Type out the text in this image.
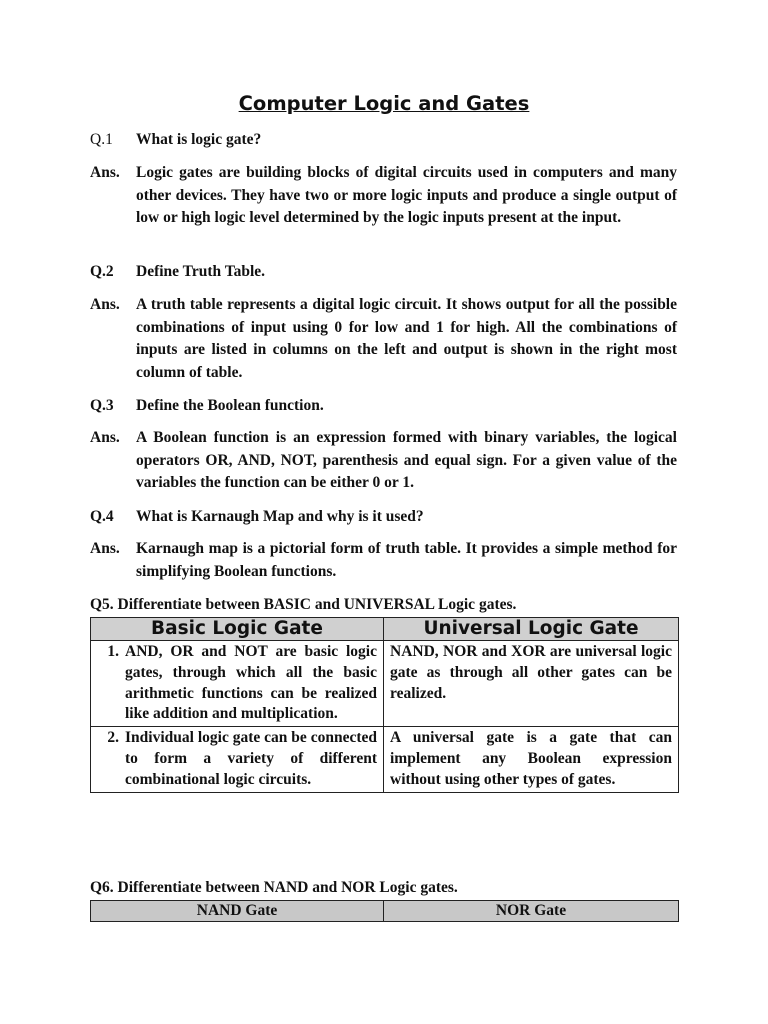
Computer Logic and Gates
Q.1	What is logic gate?
Ans.	Logic gates are building blocks of digital circuits used in computers and many other devices. They have two or more logic inputs and produce a single output of low or high logic level determined by the logic inputs present at the input.
Q.2	Define Truth Table.
Ans.	A truth table represents a digital logic circuit. It shows output for all the possible combinations of input using 0 for low and 1 for high. All the combinations of inputs are listed in columns on the left and output is shown in the right most column of table.
Q.3	Define the Boolean function.
Ans.	A Boolean function is an expression formed with binary variables, the logical operators OR, AND, NOT, parenthesis and equal sign. For a given value of the variables the function can be either 0 or 1.
Q.4	What is Karnaugh Map and why is it used?
Ans.	Karnaugh map is a pictorial form of truth table. It provides a simple method for simplifying Boolean functions.
Q5. Differentiate between BASIC and UNIVERSAL Logic gates.
Basic Logic Gate	Universal Logic Gate

1. AND, OR and NOT are basic logic gates, through which all the basic arithmetic functions can be realized like addition and multiplication.	NAND, NOR and XOR are universal logic gate as through all other gates can be realized.

2. Individual logic gate can be connected to form a variety of different combinational logic circuits.	A universal gate is a gate that can implement any Boolean expression without using other types of gates.
Q6. Differentiate between NAND and NOR Logic gates.
NAND Gate	NOR Gate
